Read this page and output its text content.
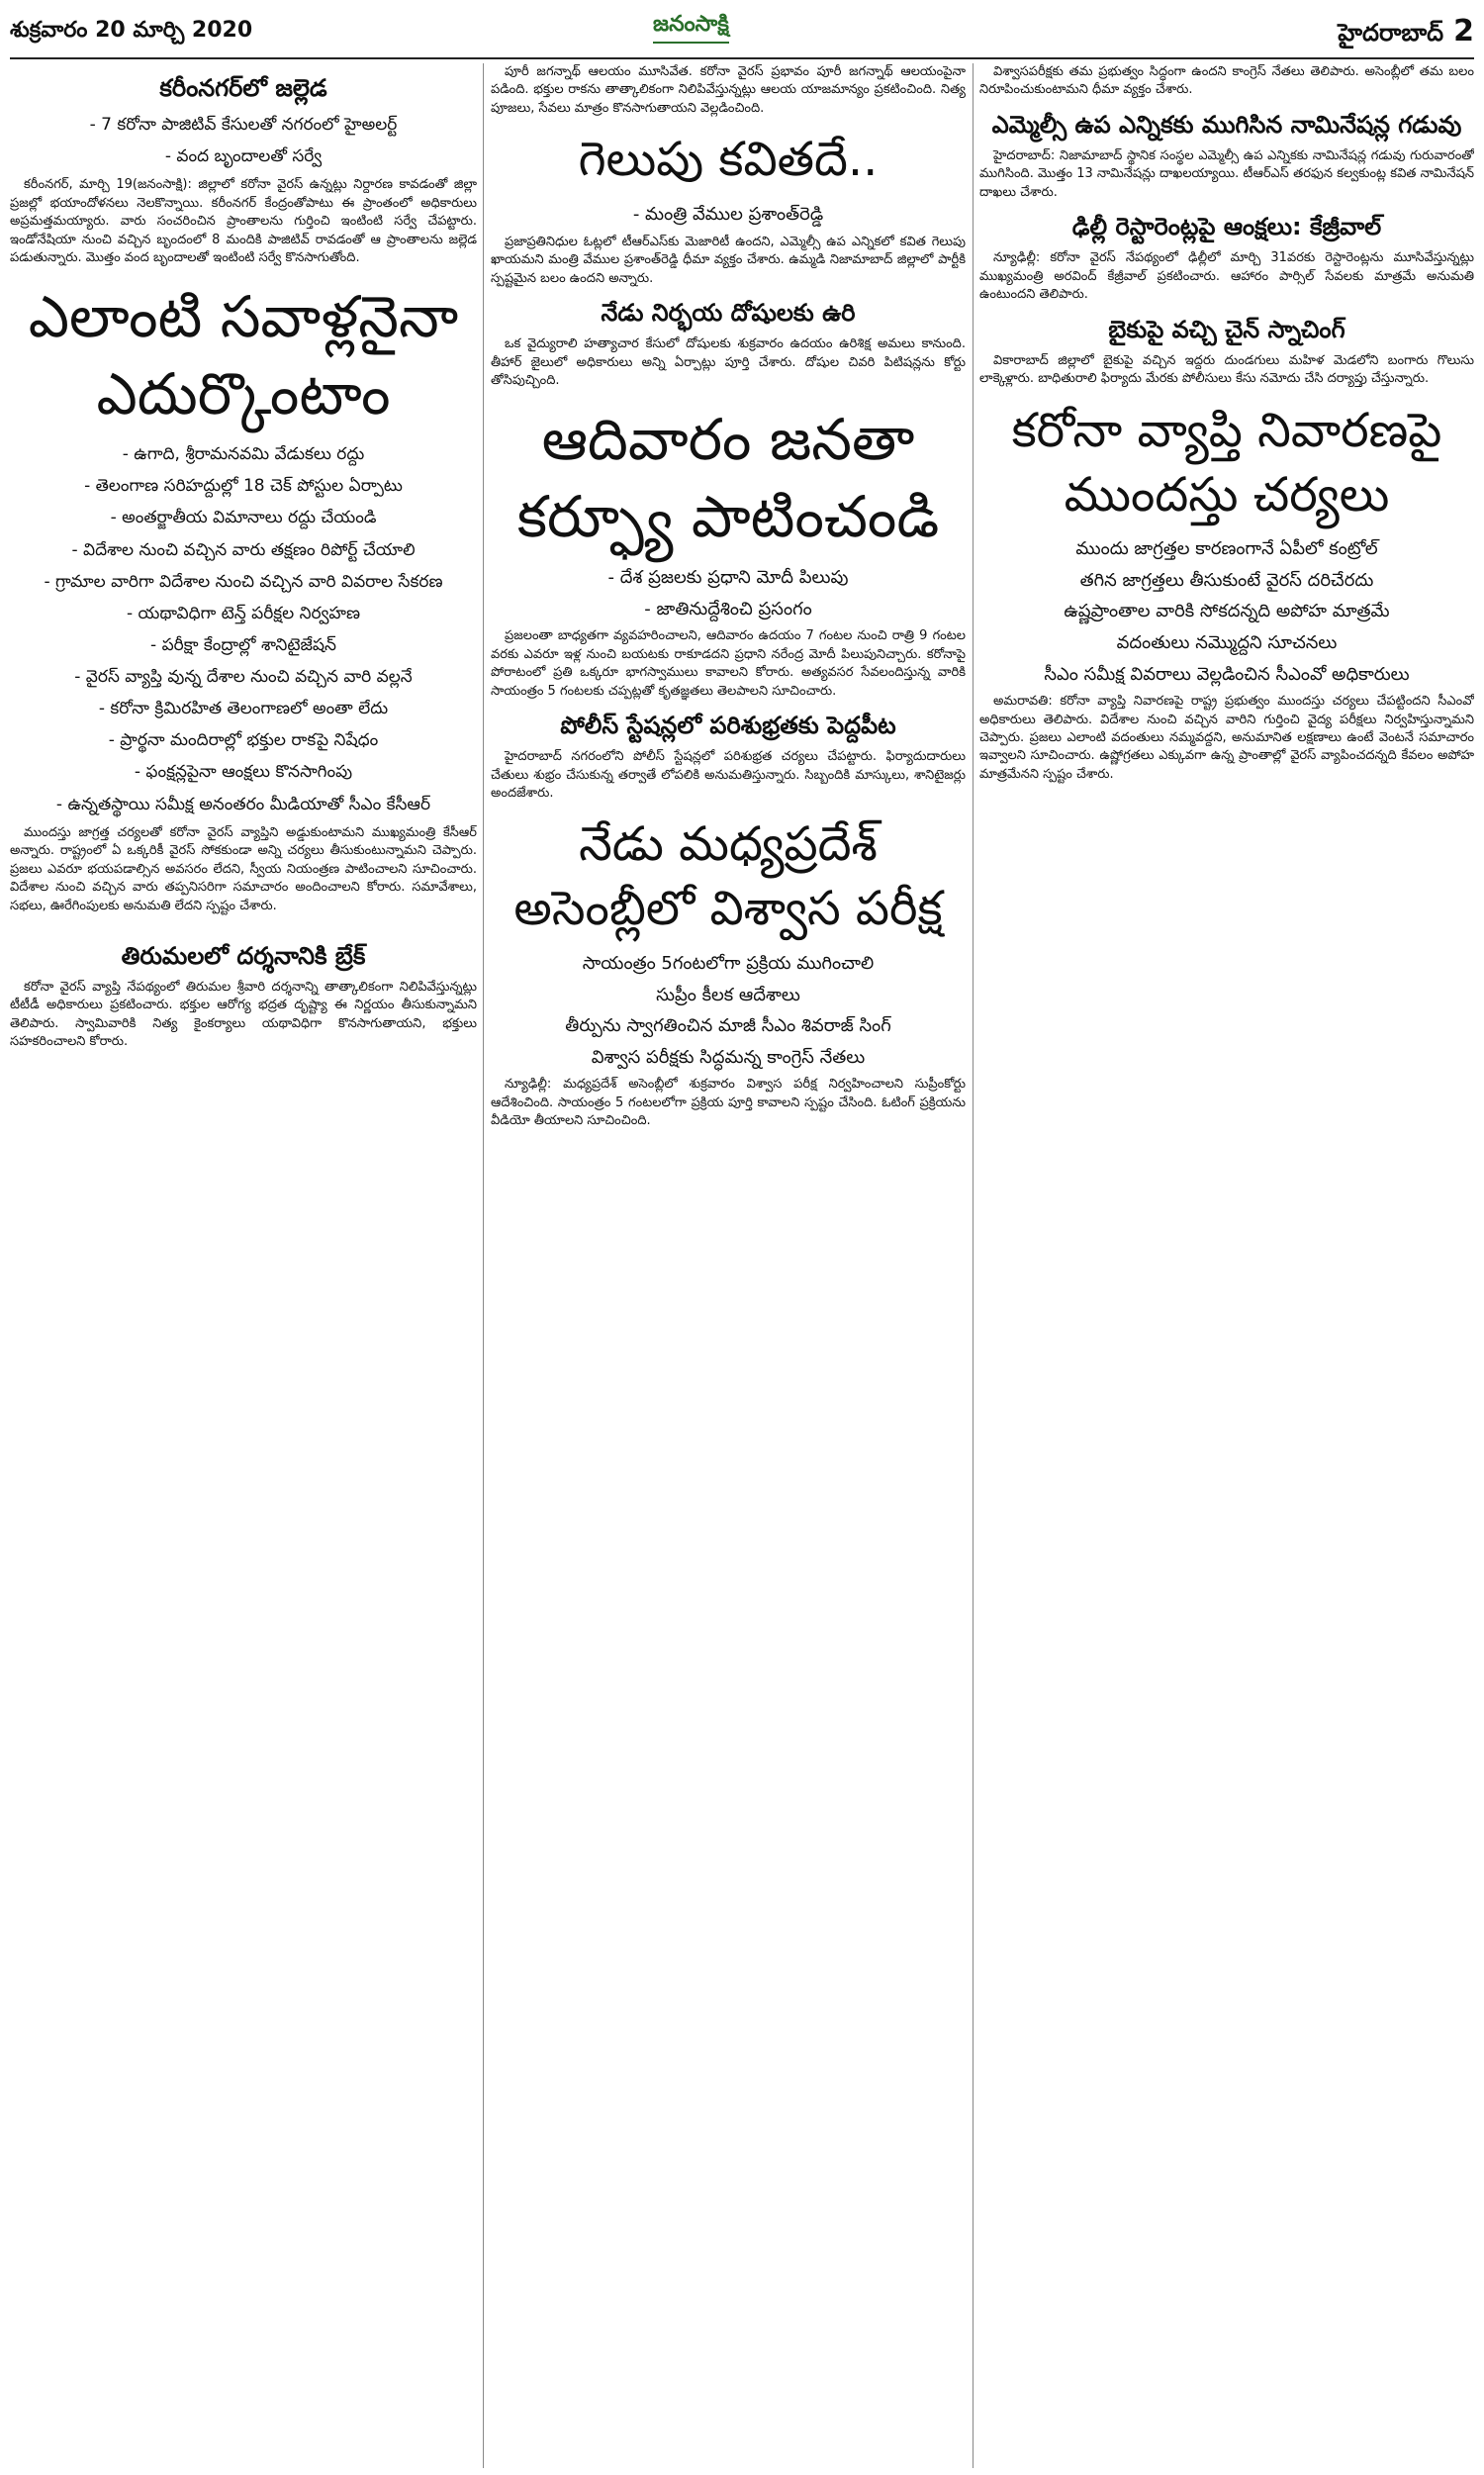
శుక్రవారం 20 మార్చి 2020	జనంసాక్షి	హైదరాబాద్ 2
కరీంనగర్‌లో జల్లెడ
- 7 కరోనా పాజిటివ్‌ కేసులతో నగరంలో హైఅలర్ట్‌
- వంద బృందాలతో సర్వే

కరీంనగర్‌, మార్చి 19(జనంసాక్షి): జిల్లాలో కరోనా వైరస్‌ ఉన్నట్లు నిర్దారణ కావడంతో జిల్లా ప్రజల్లో భయాందోళనలు నెలకొన్నాయి. కరీంనగర్‌ కేంద్రంతోపాటు ఈ ప్రాంతంలో అధికారులు అప్రమత్తమయ్యారు. వారు సంచరించిన ప్రాంతాలను గుర్తించి ఇంటింటి సర్వే చేపట్టారు. ఇండోనేషియా నుంచి వచ్చిన బృందంలో 8 మందికి పాజిటివ్‌ రావడంతో ఆ ప్రాంతాలను జల్లెడ పడుతున్నారు. మొత్తం వంద బృందాలతో ఇంటింటి సర్వే కొనసాగుతోంది.

ఎలాంటి సవాళ్లనైనా ఎదుర్కొంటాం
- ఉగాది, శ్రీరామనవమి వేడుకలు రద్దు
- తెలంగాణ సరిహద్దుల్లో 18 చెక్‌ పోస్టుల ఏర్పాటు
- అంతర్జాతీయ విమానాలు రద్దు చేయండి
- విదేశాల నుంచి వచ్చిన వారు తక్షణం రిపోర్ట్‌ చేయాలి
- గ్రామాల వారిగా విదేశాల నుంచి వచ్చిన వారి వివరాల సేకరణ
- యథావిధిగా టెన్త్‌ పరీక్షల నిర్వహణ
- పరీక్షా కేంద్రాల్లో శానిటైజేషన్‌
- వైరస్‌ వ్యాప్తి వున్న దేశాల నుంచి వచ్చిన వారి వల్లనే
- కరోనా క్రిమిరహిత తెలంగాణలో అంతా లేదు
- ప్రార్థనా మందిరాల్లో భక్తుల రాకపై నిషేధం
- ఫంక్షన్లపైనా ఆంక్షలు కొనసాగింపు
- ఉన్నతస్థాయి సమీక్ష అనంతరం మీడియాతో సీఎం కేసీఆర్‌

ముందస్తు జాగ్రత్త చర్యలతో కరోనా వైరస్‌ వ్యాప్తిని అడ్డుకుంటామని ముఖ్యమంత్రి కేసీఆర్‌ అన్నారు. రాష్ట్రంలో ఏ ఒక్కరికీ వైరస్‌ సోకకుండా అన్ని చర్యలు తీసుకుంటున్నామని చెప్పారు. ప్రజలు ఎవరూ భయపడాల్సిన అవసరం లేదని, స్వీయ నియంత్రణ పాటించాలని సూచించారు. విదేశాల నుంచి వచ్చిన వారు తప్పనిసరిగా సమాచారం అందించాలని కోరారు. సమావేశాలు, సభలు, ఊరేగింపులకు అనుమతి లేదని స్పష్టం చేశారు.

తిరుమలలో దర్శనానికి బ్రేక్‌

కరోనా వైరస్‌ వ్యాప్తి నేపథ్యంలో తిరుమల శ్రీవారి దర్శనాన్ని తాత్కాలికంగా నిలిపివేస్తున్నట్లు టీటీడీ అధికారులు ప్రకటించారు. భక్తుల ఆరోగ్య భద్రత దృష్ట్యా ఈ నిర్ణయం తీసుకున్నామని తెలిపారు. స్వామివారికి నిత్య కైంకర్యాలు యథావిధిగా కొనసాగుతాయని, భక్తులు సహకరించాలని కోరారు.

పూరీ జగన్నాథ్‌ ఆలయం మూసివేత. కరోనా వైరస్‌ ప్రభావం పూరీ జగన్నాథ్‌ ఆలయంపైనా పడింది. భక్తుల రాకను తాత్కాలికంగా నిలిపివేస్తున్నట్లు ఆలయ యాజమాన్యం ప్రకటించింది. నిత్య పూజలు, సేవలు మాత్రం కొనసాగుతాయని వెల్లడించింది.

గెలుపు కవితదే..
- మంత్రి వేముల ప్రశాంత్‌రెడ్డి

ప్రజాప్రతినిధుల ఓట్లలో టీఆర్‌ఎస్‌కు మెజారిటీ ఉందని, ఎమ్మెల్సీ ఉప ఎన్నికలో కవిత గెలుపు ఖాయమని మంత్రి వేముల ప్రశాంత్‌రెడ్డి ధీమా వ్యక్తం చేశారు. ఉమ్మడి నిజామాబాద్‌ జిల్లాలో పార్టీకి స్పష్టమైన బలం ఉందని అన్నారు.

నేడు నిర్భయ దోషులకు ఉరి

ఒక వైద్యురాలి హత్యాచార కేసులో దోషులకు శుక్రవారం ఉదయం ఉరిశిక్ష అమలు కానుంది. తీహార్‌ జైలులో అధికారులు అన్ని ఏర్పాట్లు పూర్తి చేశారు. దోషుల చివరి పిటిషన్లను కోర్టు తోసిపుచ్చింది.

ఆదివారం జనతా కర్ఫ్యూ పాటించండి
- దేశ ప్రజలకు ప్రధాని మోదీ పిలుపు
- జాతినుద్దేశించి ప్రసంగం

ప్రజలంతా బాధ్యతగా వ్యవహరించాలని, ఆదివారం ఉదయం 7 గంటల నుంచి రాత్రి 9 గంటల వరకు ఎవరూ ఇళ్ల నుంచి బయటకు రాకూడదని ప్రధాని నరేంద్ర మోదీ పిలుపునిచ్చారు. కరోనాపై పోరాటంలో ప్రతి ఒక్కరూ భాగస్వాములు కావాలని కోరారు. అత్యవసర సేవలందిస్తున్న వారికి సాయంత్రం 5 గంటలకు చప్పట్లతో కృతజ్ఞతలు తెలపాలని సూచించారు.

పోలీస్‌ స్టేషన్లలో పరిశుభ్రతకు పెద్దపీట

హైదరాబాద్‌ నగరంలోని పోలీస్‌ స్టేషన్లలో పరిశుభ్రత చర్యలు చేపట్టారు. ఫిర్యాదుదారులు చేతులు శుభ్రం చేసుకున్న తర్వాతే లోపలికి అనుమతిస్తున్నారు. సిబ్బందికి మాస్కులు, శానిటైజర్లు అందజేశారు.

నేడు మధ్యప్రదేశ్‌ అసెంబ్లీలో విశ్వాస పరీక్ష
సాయంత్రం 5గంటలోగా ప్రక్రియ ముగించాలి
సుప్రీం కీలక ఆదేశాలు
తీర్పును స్వాగతించిన మాజీ సీఎం శివరాజ్‌ సింగ్‌
విశ్వాస పరీక్షకు సిద్ధమన్న కాంగ్రెస్‌ నేతలు

న్యూఢిల్లీ: మధ్యప్రదేశ్‌ అసెంబ్లీలో శుక్రవారం విశ్వాస పరీక్ష నిర్వహించాలని సుప్రీంకోర్టు ఆదేశించింది. సాయంత్రం 5 గంటలలోగా ప్రక్రియ పూర్తి కావాలని స్పష్టం చేసింది. ఓటింగ్‌ ప్రక్రియను వీడియో తీయాలని సూచించింది.

విశ్వాసపరీక్షకు తమ ప్రభుత్వం సిద్ధంగా ఉందని కాంగ్రెస్‌ నేతలు తెలిపారు. అసెంబ్లీలో తమ బలం నిరూపించుకుంటామని ధీమా వ్యక్తం చేశారు.

ఎమ్మెల్సీ ఉప ఎన్నికకు ముగిసిన నామినేషన్ల గడువు

హైదరాబాద్‌: నిజామాబాద్‌ స్థానిక సంస్థల ఎమ్మెల్సీ ఉప ఎన్నికకు నామినేషన్ల గడువు గురువారంతో ముగిసింది. మొత్తం 13 నామినేషన్లు దాఖలయ్యాయి. టీఆర్‌ఎస్‌ తరఫున కల్వకుంట్ల కవిత నామినేషన్‌ దాఖలు చేశారు.

ఢిల్లీ రెస్టారెంట్లపై ఆంక్షలు: కేజ్రీవాల్‌

న్యూఢిల్లీ: కరోనా వైరస్‌ నేపథ్యంలో ఢిల్లీలో మార్చి 31వరకు రెస్టారెంట్లను మూసివేస్తున్నట్లు ముఖ్యమంత్రి అరవింద్‌ కేజ్రీవాల్‌ ప్రకటించారు. ఆహారం పార్సిల్‌ సేవలకు మాత్రమే అనుమతి ఉంటుందని తెలిపారు.

బైకుపై వచ్చి చైన్‌ స్నాచింగ్‌

వికారాబాద్‌ జిల్లాలో బైకుపై వచ్చిన ఇద్దరు దుండగులు మహిళ మెడలోని బంగారు గొలుసు లాక్కెళ్లారు. బాధితురాలి ఫిర్యాదు మేరకు పోలీసులు కేసు నమోదు చేసి దర్యాప్తు చేస్తున్నారు.

కరోనా వ్యాప్తి నివారణపై ముందస్తు చర్యలు
ముందు జాగ్రత్తల కారణంగానే ఏపీలో కంట్రోల్‌
తగిన జాగ్రత్తలు తీసుకుంటే వైరస్‌ దరిచేరదు
ఉష్ణప్రాంతాల వారికి సోకదన్నది అపోహ మాత్రమే
వదంతులు నమ్మొద్దని సూచనలు
సీఎం సమీక్ష వివరాలు వెల్లడించిన సీఎంవో అధికారులు

అమరావతి: కరోనా వ్యాప్తి నివారణపై రాష్ట్ర ప్రభుత్వం ముందస్తు చర్యలు చేపట్టిందని సీఎంవో అధికారులు తెలిపారు. విదేశాల నుంచి వచ్చిన వారిని గుర్తించి వైద్య పరీక్షలు నిర్వహిస్తున్నామని చెప్పారు. ప్రజలు ఎలాంటి వదంతులు నమ్మవద్దని, అనుమానిత లక్షణాలు ఉంటే వెంటనే సమాచారం ఇవ్వాలని సూచించారు. ఉష్ణోగ్రతలు ఎక్కువగా ఉన్న ప్రాంతాల్లో వైరస్‌ వ్యాపించదన్నది కేవలం అపోహ మాత్రమేనని స్పష్టం చేశారు.
